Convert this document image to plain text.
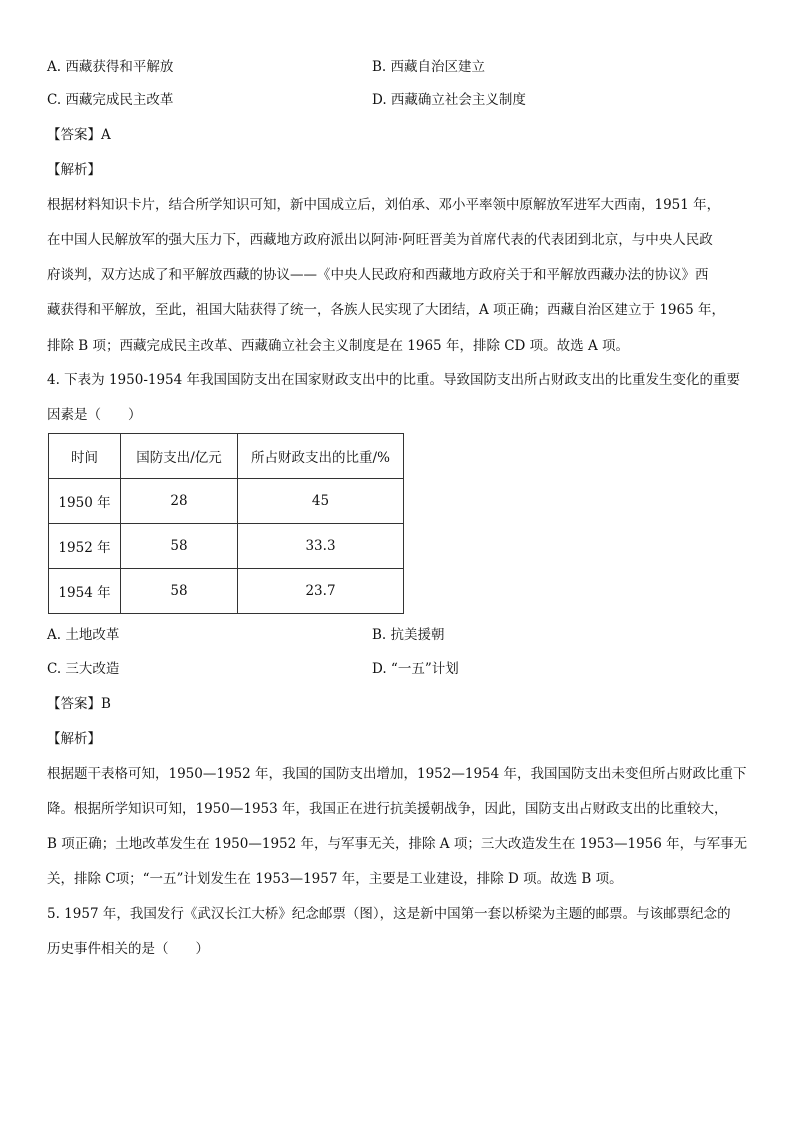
A. 西藏获得和平解放	B. 西藏自治区建立
C. 西藏完成民主改革	D. 西藏确立社会主义制度
【答案】A
【解析】
根据材料知识卡片，结合所学知识可知，新中国成立后，刘伯承、邓小平率领中原解放军进军大西南，1951 年，
在中国人民解放军的强大压力下，西藏地方政府派出以阿沛·阿旺晋美为首席代表的代表团到北京，与中央人民政
府谈判，双方达成了和平解放西藏的协议——《中央人民政府和西藏地方政府关于和平解放西藏办法的协议》西
藏获得和平解放，至此，祖国大陆获得了统一，各族人民实现了大团结，A 项正确；西藏自治区建立于 1965 年，
排除 B 项；西藏完成民主改革、西藏确立社会主义制度是在 1965 年，排除 CD 项。故选 A 项。
4. 下表为 1950-1954 年我国国防支出在国家财政支出中的比重。导致国防支出所占财政支出的比重发生变化的重要
因素是（　　）
时间	国防支出/亿元	所占财政支出的比重/%
1950 年	28	45
1952 年	58	33.3
1954 年	58	23.7
A. 土地改革	B. 抗美援朝
C. 三大改造	D. “一五”计划
【答案】B
【解析】
根据题干表格可知，1950—1952 年，我国的国防支出增加，1952—1954 年，我国国防支出未变但所占财政比重下
降。根据所学知识可知，1950—1953 年，我国正在进行抗美援朝战争，因此，国防支出占财政支出的比重较大，
B 项正确；土地改革发生在 1950—1952 年，与军事无关，排除 A 项；三大改造发生在 1953—1956 年，与军事无
关，排除 C项；“一五”计划发生在 1953—1957 年，主要是工业建设，排除 D 项。故选 B 项。
5. 1957 年，我国发行《武汉长江大桥》纪念邮票（图），这是新中国第一套以桥梁为主题的邮票。与该邮票纪念的
历史事件相关的是（　　）
